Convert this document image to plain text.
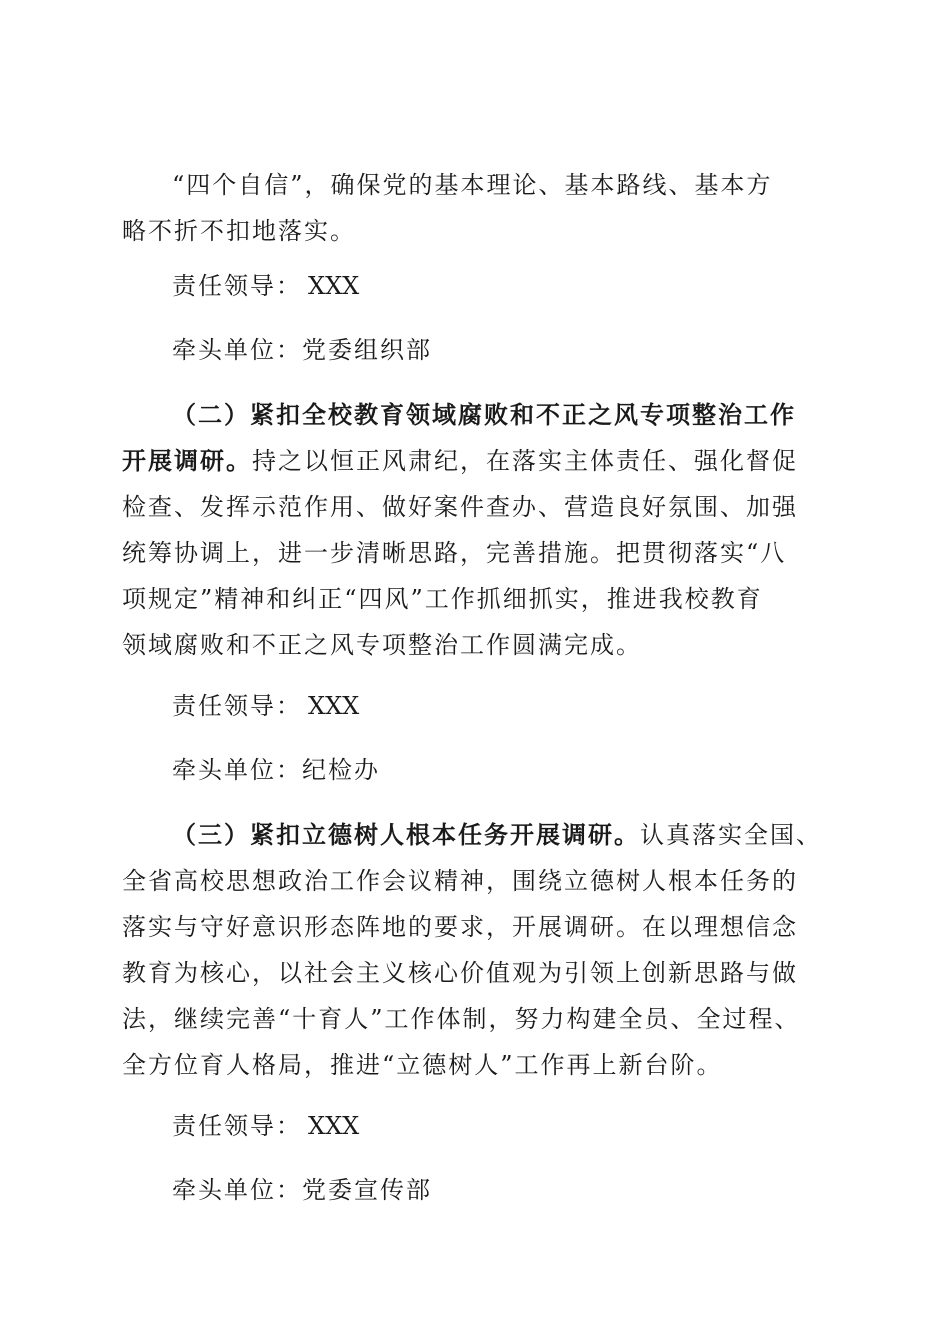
“四个自信”，确保党的基本理论、基本路线、基本方
略不折不扣地落实。

责任领导： XXX

牵头单位：党委组织部

（二）紧扣全校教育领域腐败和不正之风专项整治工作
开展调研。持之以恒正风肃纪，在落实主体责任、强化督促
检查、发挥示范作用、做好案件查办、营造良好氛围、加强
统筹协调上，进一步清晰思路，完善措施。把贯彻落实“八
项规定”精神和纠正“四风”工作抓细抓实，推进我校教育
领域腐败和不正之风专项整治工作圆满完成。

责任领导： XXX

牵头单位：纪检办

（三）紧扣立德树人根本任务开展调研。认真落实全国、
全省高校思想政治工作会议精神，围绕立德树人根本任务的
落实与守好意识形态阵地的要求，开展调研。在以理想信念
教育为核心，以社会主义核心价值观为引领上创新思路与做
法，继续完善“十育人”工作体制，努力构建全员、全过程、
全方位育人格局，推进“立德树人”工作再上新台阶。

责任领导： XXX

牵头单位：党委宣传部
